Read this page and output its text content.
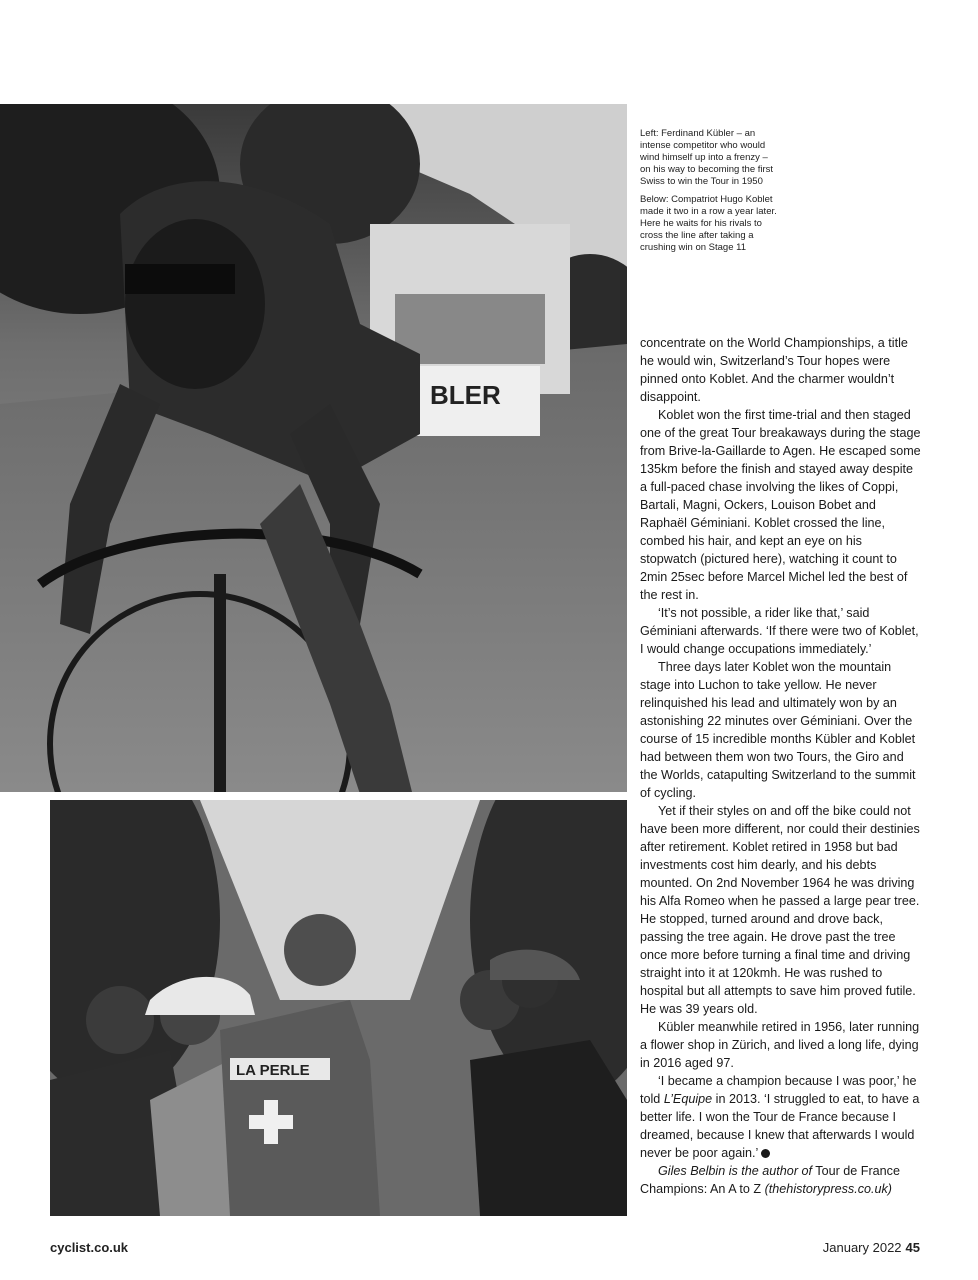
BLER
LA PERLE

Left: Ferdinand Kübler – an intense competitor who would wind himself up into a frenzy – on his way to becoming the first Swiss to win the Tour in 1950

Below: Compatriot Hugo Koblet made it two in a row a year later. Here he waits for his rivals to cross the line after taking a crushing win on Stage 11

concentrate on the World Championships, a title he would win, Switzerland’s Tour hopes were pinned onto Koblet. And the charmer wouldn’t disappoint.

Koblet won the first time-trial and then staged one of the great Tour breakaways during the stage from Brive-la-Gaillarde to Agen. He escaped some 135km before the finish and stayed away despite a full-paced chase involving the likes of Coppi, Bartali, Magni, Ockers, Louison Bobet and Raphaël Géminiani. Koblet crossed the line, combed his hair, and kept an eye on his stopwatch (pictured here), watching it count to 2min 25sec before Marcel Michel led the best of the rest in.

‘It’s not possible, a rider like that,’ said Géminiani afterwards. ‘If there were two of Koblet, I would change occupations immediately.’

Three days later Koblet won the mountain stage into Luchon to take yellow. He never relinquished his lead and ultimately won by an astonishing 22 minutes over Géminiani. Over the course of 15 incredible months Kübler and Koblet had between them won two Tours, the Giro and the Worlds, catapulting Switzerland to the summit of cycling.

Yet if their styles on and off the bike could not have been more different, nor could their destinies after retirement. Koblet retired in 1958 but bad investments cost him dearly, and his debts mounted. On 2nd November 1964 he was driving his Alfa Romeo when he passed a large pear tree. He stopped, turned around and drove back, passing the tree again. He drove past the tree once more before turning a final time and driving straight into it at 120kmh. He was rushed to hospital but all attempts to save him proved futile. He was 39 years old.

Kübler meanwhile retired in 1956, later running a flower shop in Zürich, and lived a long life, dying in 2016 aged 97.

‘I became a champion because I was poor,’ he told L’Equipe in 2013. ‘I struggled to eat, to have a better life. I won the Tour de France because I dreamed, because I knew that afterwards I would never be poor again.’

Giles Belbin is the author of Tour de France Champions: An A to Z (thehistorypress.co.uk)

cyclist.co.uk	January 2022 45
